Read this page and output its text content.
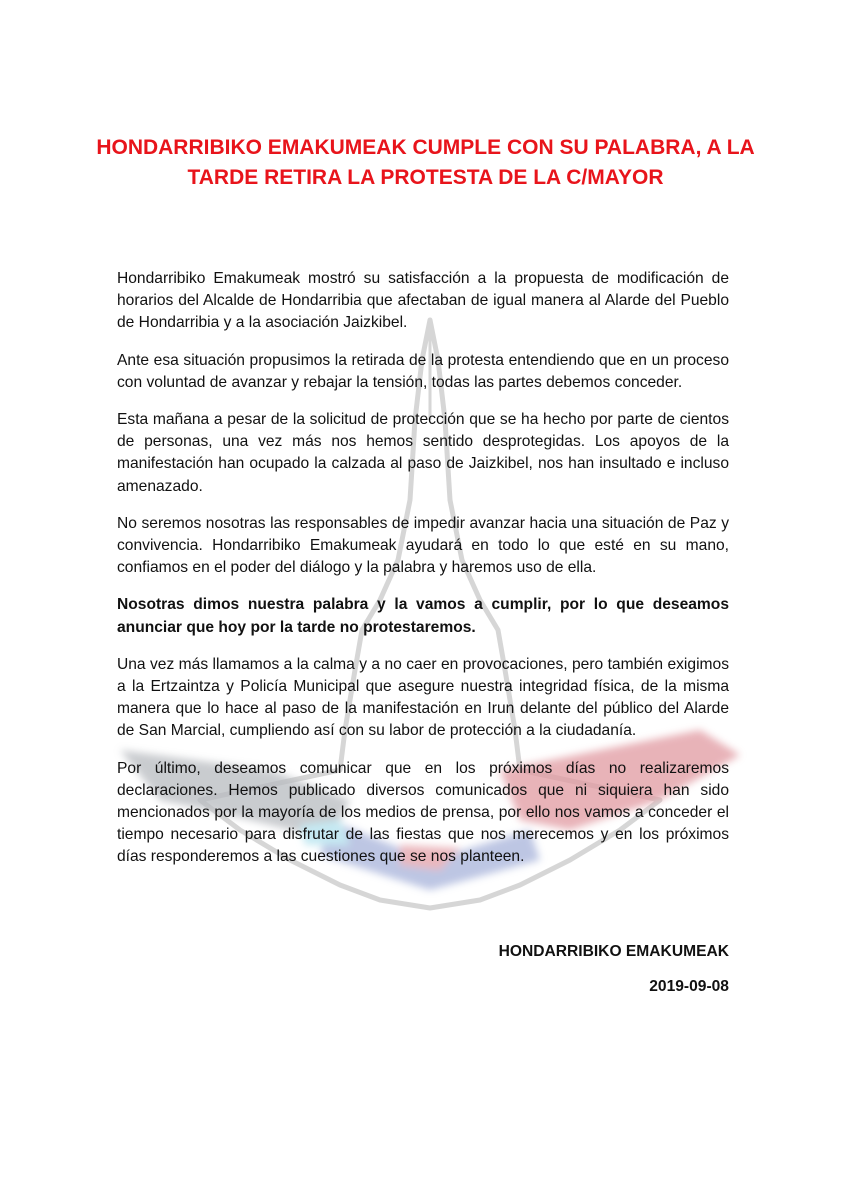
HONDARRIBIKO EMAKUMEAK CUMPLE CON SU PALABRA, A LA
TARDE RETIRA LA PROTESTA DE LA C/MAYOR

Hondarribiko Emakumeak mostró su satisfacción a la propuesta de modificación de horarios del Alcalde de Hondarribia que afectaban de igual manera al Alarde del Pueblo de Hondarribia y a la asociación Jaizkibel.

Ante esa situación propusimos la retirada de la protesta entendiendo que en un proceso con voluntad de avanzar y rebajar la tensión, todas las partes debemos conceder.

Esta mañana a pesar de la solicitud de protección que se ha hecho por parte de cientos de personas, una vez más nos hemos sentido desprotegidas. Los apoyos de la manifestación han ocupado la calzada al paso de Jaizkibel, nos han insultado e incluso amenazado.

No seremos nosotras las responsables de impedir avanzar hacia una situación de Paz y convivencia. Hondarribiko Emakumeak ayudará en todo lo que esté en su mano, confiamos en el poder del diálogo y la palabra y haremos uso de ella.

Nosotras dimos nuestra palabra y la vamos a cumplir, por lo que deseamos anunciar que hoy por la tarde no protestaremos.

Una vez más llamamos a la calma y a no caer en provocaciones, pero también exigimos a la Ertzaintza y Policía Municipal que asegure nuestra integridad física, de la misma manera que lo hace al paso de la manifestación en Irun delante del público del Alarde de San Marcial, cumpliendo así con su labor de protección a la ciudadanía.

Por último, deseamos comunicar que en los próximos días no realizaremos declaraciones. Hemos publicado diversos comunicados que ni siquiera han sido mencionados por la mayoría de los medios de prensa, por ello nos vamos a conceder el tiempo necesario para disfrutar de las fiestas que nos merecemos y en los próximos días responderemos a las cuestiones que se nos planteen.

HONDARRIBIKO EMAKUMEAK
2019-09-08
